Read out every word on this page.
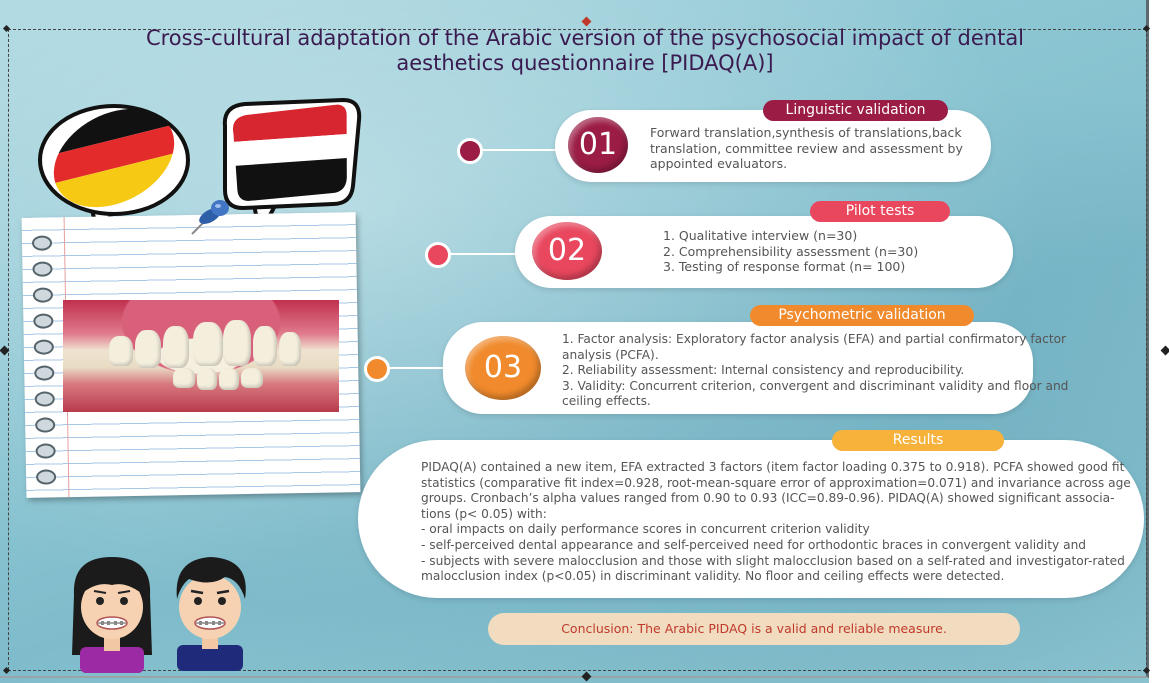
Cross-cultural adaptation of the Arabic version of the psychosocial impact of dental
aesthetics questionnaire [PIDAQ(A)]
01
Linguistic validation
Forward translation,synthesis of translations,back
translation, committee review and assessment by
appointed evaluators.
02
Pilot tests
1. Qualitative interview (n=30)
2. Comprehensibility assessment (n=30)
3. Testing of response format (n= 100)
03
Psychometric validation
1. Factor analysis: Exploratory factor analysis (EFA) and partial confirmatory factor
analysis (PCFA).
2. Reliability assessment: Internal consistency and reproducibility.
3. Validity: Concurrent criterion, convergent and discriminant validity and floor and
ceiling effects.
Results
PIDAQ(A) contained a new item, EFA extracted 3 factors (item factor loading 0.375 to 0.918). PCFA showed good fit
statistics (comparative fit index=0.928, root-mean-square error of approximation=0.071) and invariance across age
groups. Cronbach’s alpha values ranged from 0.90 to 0.93 (ICC=0.89-0.96). PIDAQ(A) showed significant associa-
tions (p< 0.05) with:
- oral impacts on daily performance scores in concurrent criterion validity
- self-perceived dental appearance and self-perceived need for orthodontic braces in convergent validity and
- subjects with severe malocclusion and those with slight malocclusion based on a self-rated and investigator-rated
malocclusion index (p<0.05) in discriminant validity. No floor and ceiling effects were detected.
Conclusion: The Arabic PIDAQ is a valid and reliable measure.
